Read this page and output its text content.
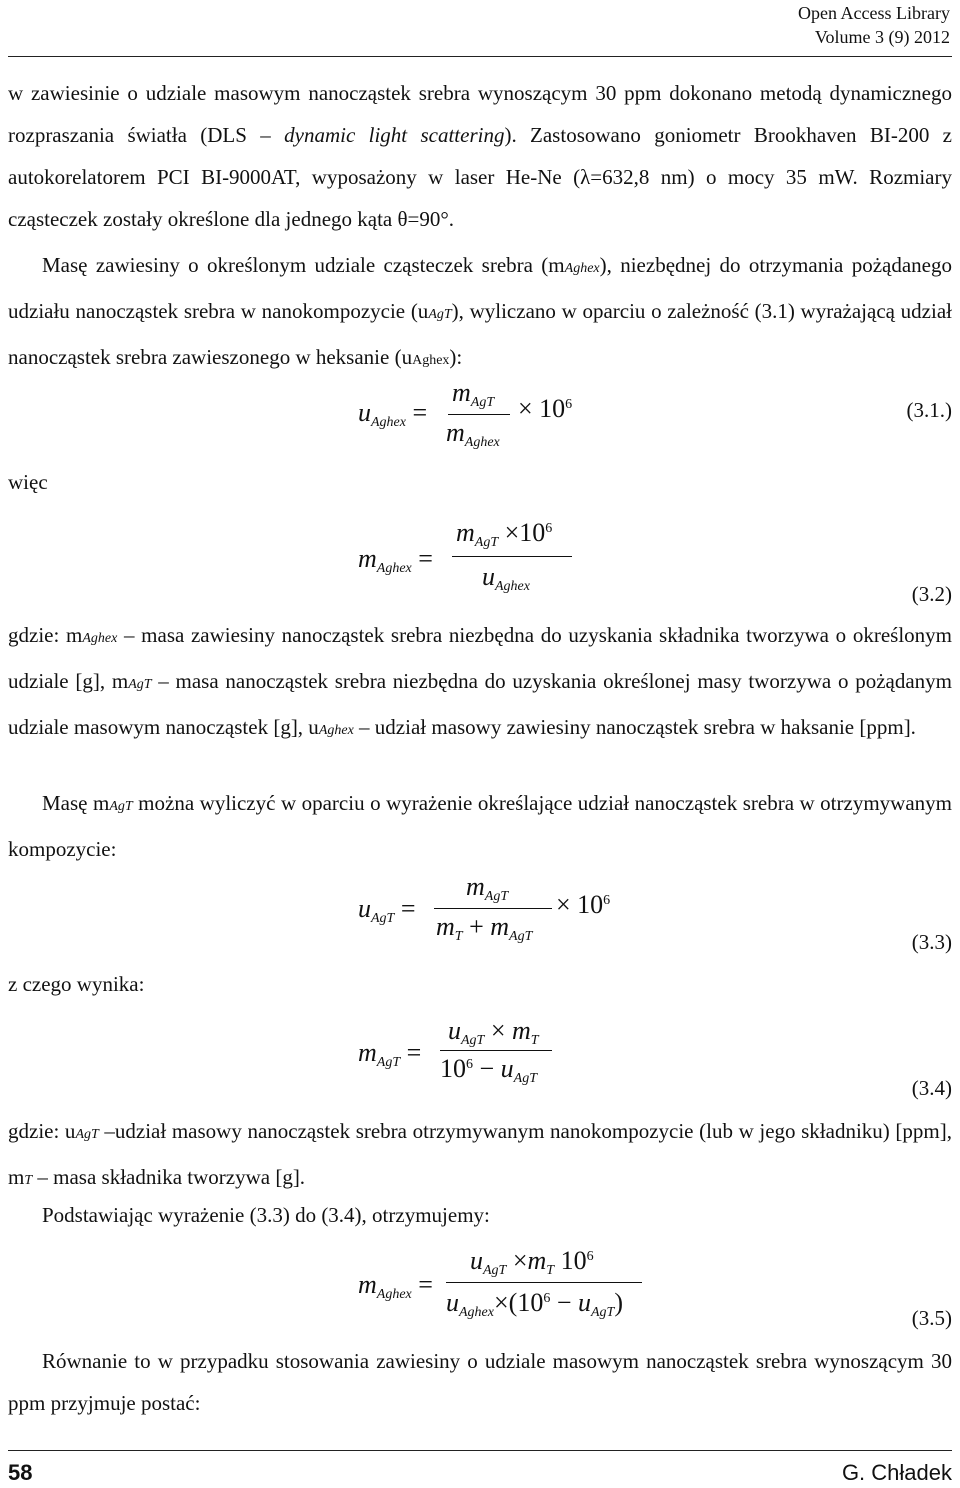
Open Access Library
Volume 3 (9) 2012
w zawiesinie o udziale masowym nanocząstek srebra wynoszącym 30 ppm dokonano metodą dynamicznego rozpraszania światła (DLS – dynamic light scattering). Zastosowano goniometr Brookhaven BI-200 z autokorelatorem PCI BI-9000AT, wyposażony w laser He-Ne (λ=632,8 nm) o mocy 35 mW. Rozmiary cząsteczek zostały określone dla jednego kąta θ=90°.
Masę zawiesiny o określonym udziale cząsteczek srebra (mAghex), niezbędnej do otrzymania pożądanego udziału nanocząstek srebra w nanokompozycie (uAgT), wyliczano w oparciu o zależność (3.1) wyrażającą udział nanocząstek srebra zawieszonego w heksanie (uAghex):
uAghex =
mAgT
mAghex
× $10^6$	(3.1.)
więc
mAghex =
mAgT $\times 10^6$
uAghex	(3.2)
gdzie: mAghex – masa zawiesiny nanocząstek srebra niezbędna do uzyskania składnika tworzywa o określonym udziale [g], mAgT – masa nanocząstek srebra niezbędna do uzyskania określonej masy tworzywa o pożądanym udziale masowym nanocząstek [g], uAghex – udział masowy zawiesiny nanocząstek srebra w haksanie [ppm].
Masę mAgT można wyliczyć w oparciu o wyrażenie określające udział nanocząstek srebra w otrzymywanym kompozycie:
uAgT =
mAgT
mT + mAgT
× $10^6$
(3.3)
z czego wynika:
mAgT =
uAgT × mT
$10^6$ − uAgT	(3.4)
gdzie: uAgT –udział masowy nanocząstek srebra otrzymywanym nanokompozycie (lub w jego składniku) [ppm], mT – masa składnika tworzywa [g].
Podstawiając wyrażenie (3.3) do (3.4), otrzymujemy:
mAghex =
uAgT ×mT $10^6$
$uAghex\times(10^6$ − uAgT)
(3.5)
Równanie to w przypadku stosowania zawiesiny o udziale masowym nanocząstek srebra wynoszącym 30 ppm przyjmuje postać:
58	G. Chładek
